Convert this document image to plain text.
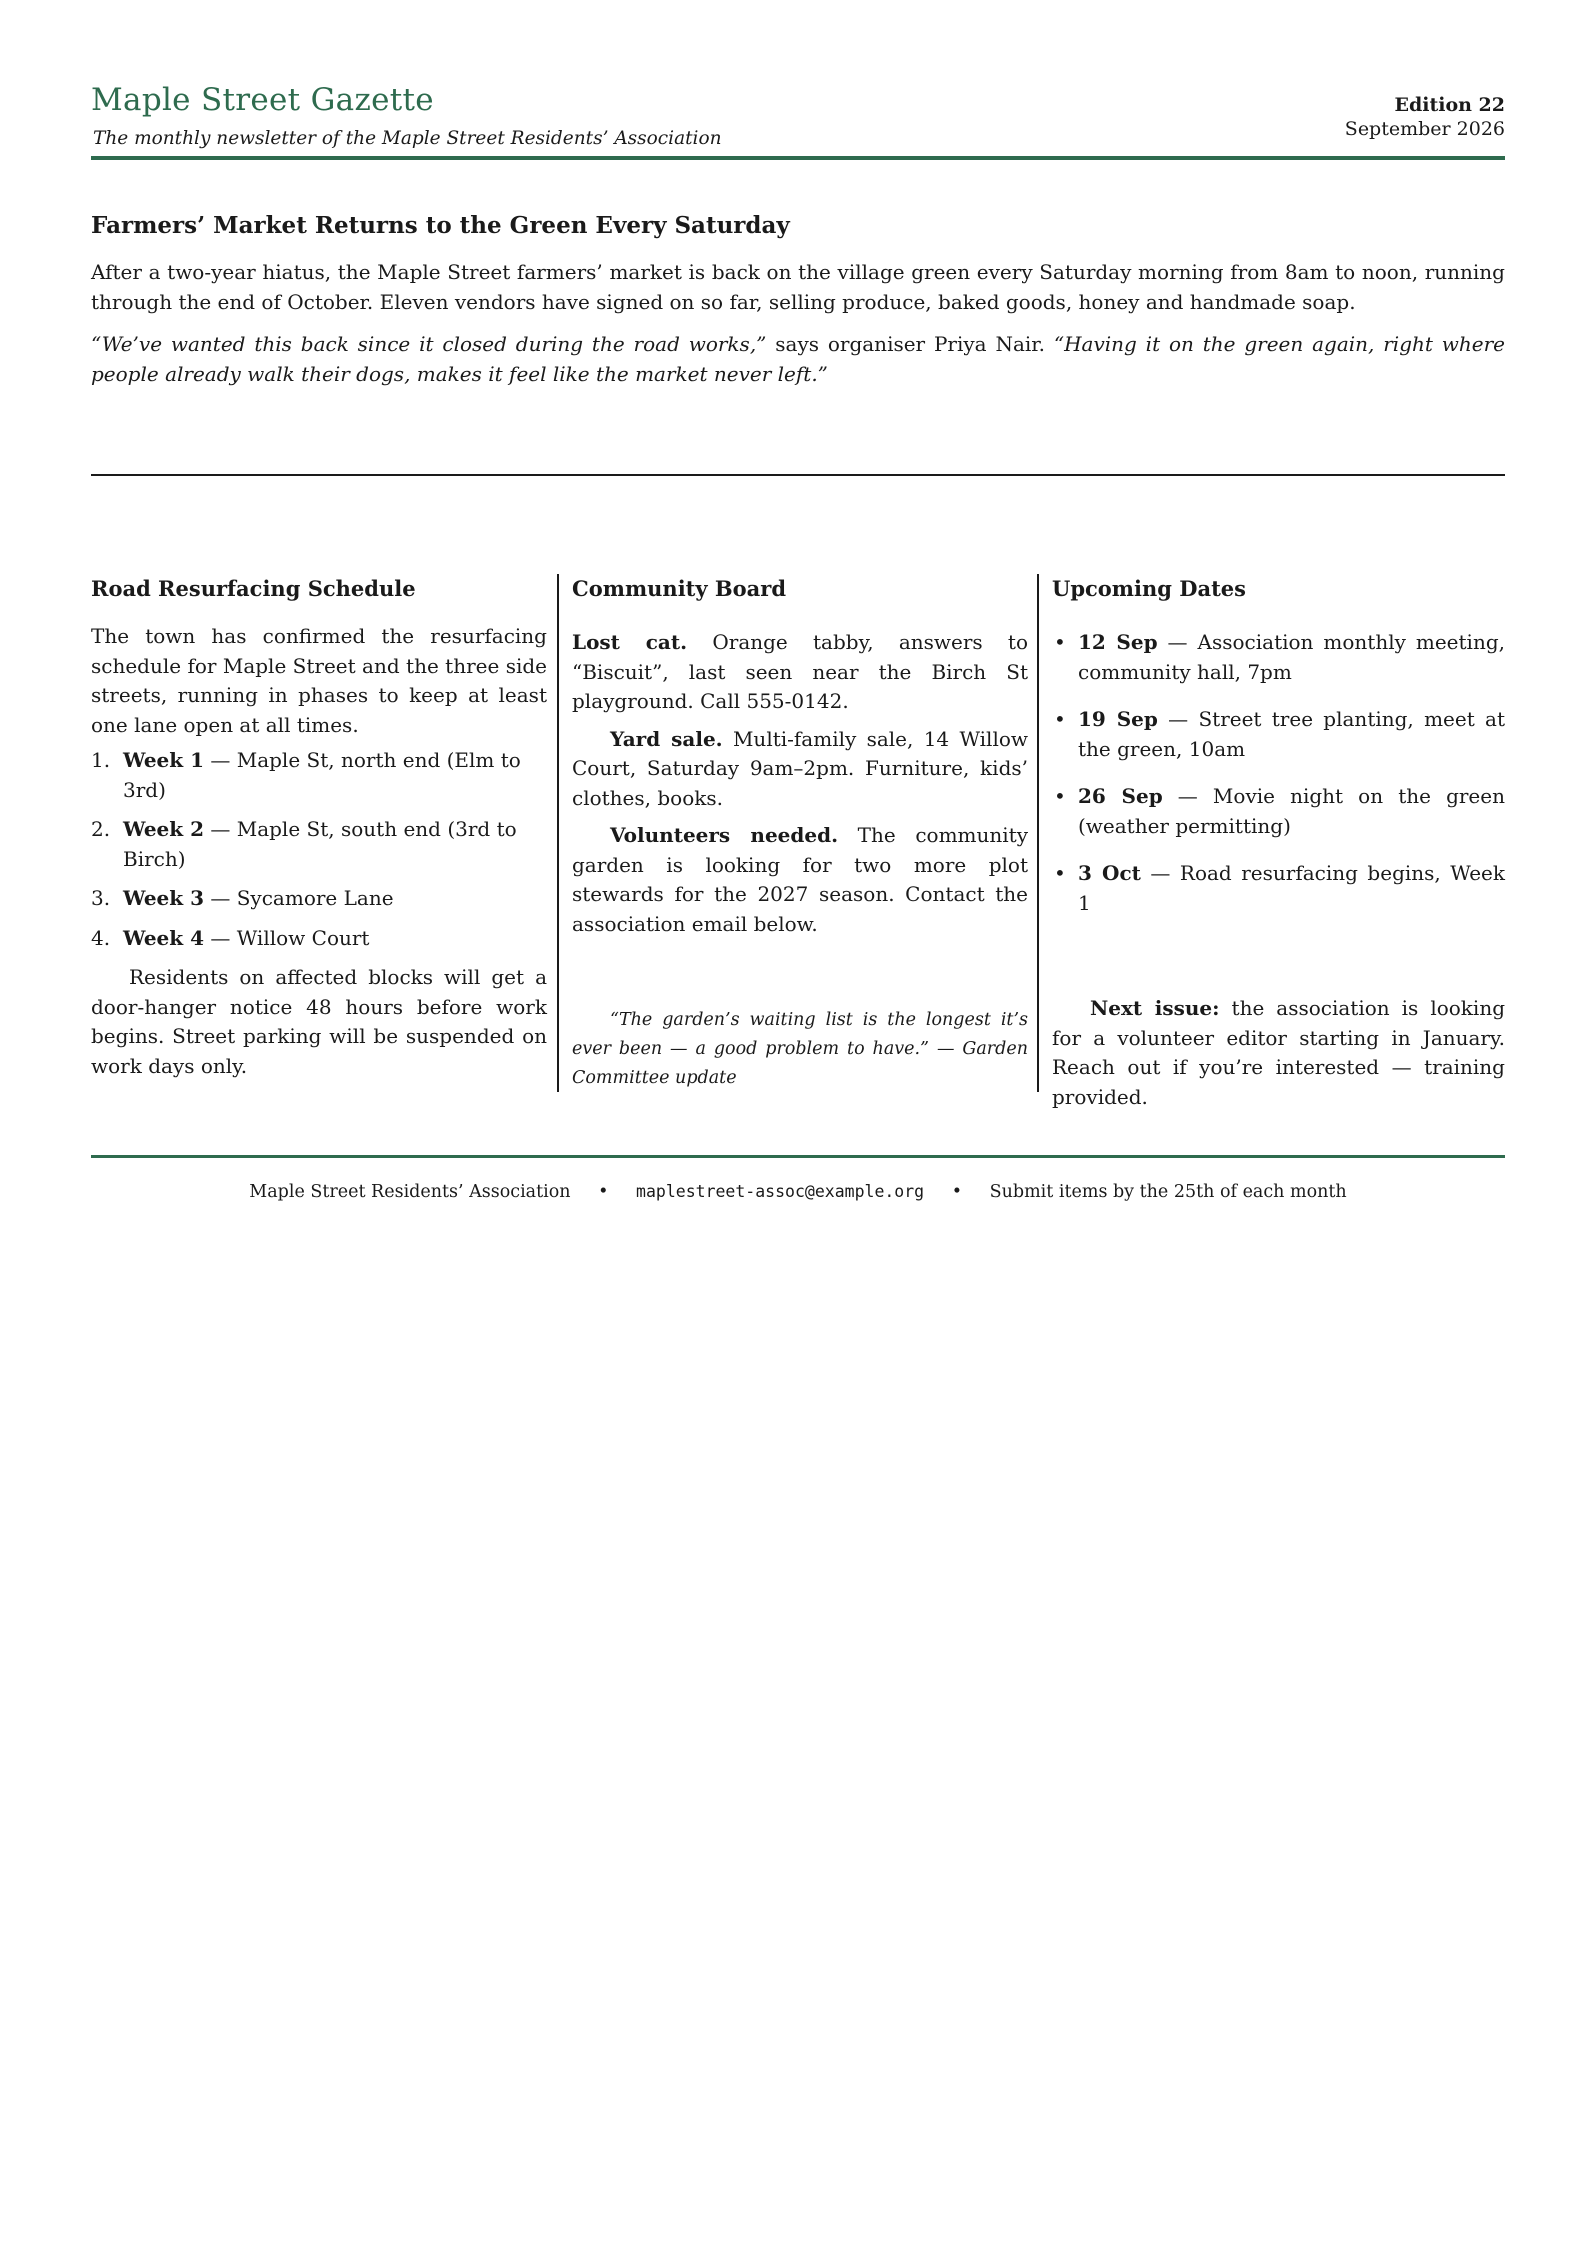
Maple Street Gazette
The monthly newsletter of the Maple Street Residents’ Association
Edition 22
September 2026
Farmers’ Market Returns to the Green Every Saturday

After a two-year hiatus, the Maple Street farmers’ market is back on the village green every Saturday morning from 8am to noon, running through the end of October. Eleven vendors have signed on so far, selling produce, baked goods, honey and handmade soap.

“We’ve wanted this back since it closed during the road works,” says organiser Priya Nair. “Having it on the green again, right where people already walk their dogs, makes it feel like the market never left.”

Road Resurfacing Schedule

The town has confirmed the resurfacing schedule for Maple Street and the three side streets, running in phases to keep at least one lane open at all times.

1. Week 1 — Maple St, north end (Elm to 3rd)
2. Week 2 — Maple St, south end (3rd to Birch)
3. Week 3 — Sycamore Lane
4. Week 4 — Willow Court

Residents on affected blocks will get a door-hanger notice 48 hours before work begins. Street parking will be suspended on work days only.

Community Board

Lost cat. Orange tabby, answers to “Biscuit”, last seen near the Birch St playground. Call 555-0142.

Yard sale. Multi-family sale, 14 Willow Court, Saturday 9am–2pm. Furniture, kids’ clothes, books.

Volunteers needed. The community garden is looking for two more plot stewards for the 2027 season. Contact the association email below.

“The garden’s waiting list is the longest it’s ever been — a good problem to have.” — Garden Committee update
Upcoming Dates
• 12 Sep — Association monthly meeting, community hall, 7pm
• 19 Sep — Street tree planting, meet at the green, 10am
• 26 Sep — Movie night on the green (weather permitting)
• 3 Oct — Road resurfacing begins, Week 1

Next issue: the association is looking for a volunteer editor starting in January. Reach out if you’re interested — training provided.

Maple Street Residents’ Association • maplestreet-assoc@example.org • Submit items by the 25th of each month
